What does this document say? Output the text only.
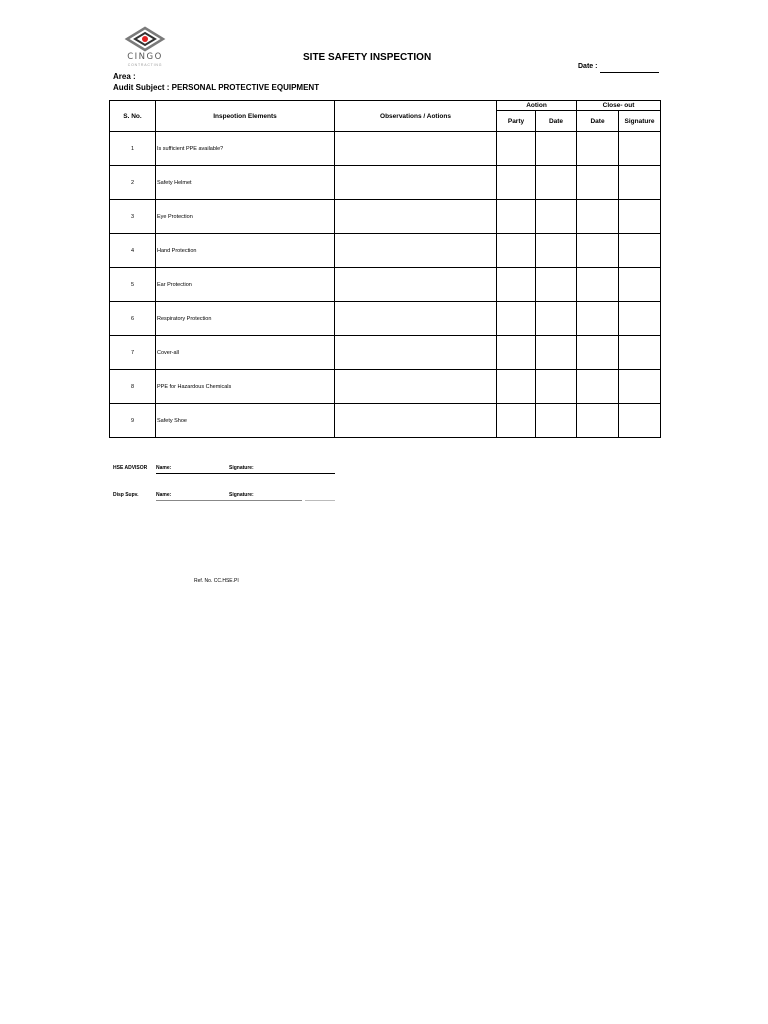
CINGO
CONTRACTING
SITE SAFETY INSPECTION
Date :
Area :
Audit Subject : PERSONAL PROTECTIVE EQUIPMENT
S. No.	Inspeotion Elements	Observations / Aotions	Aotion		Close- out	
			Party	Date	Date	Signature
1	Is sufficient PPE available?					
2	Safety Helmet					
3	Eye Protection					
4	Hand Protection					
5	Ear Protection					
6	Respiratory Protection					
7	Cover-all					
8	PPE for Hazardous Chemicals					
9	Safety Shoe					
HSE ADVISOR Name:	Signature:
Disp Supv.	Name:	Signature:
Ref. No. CC.HSE.PI
